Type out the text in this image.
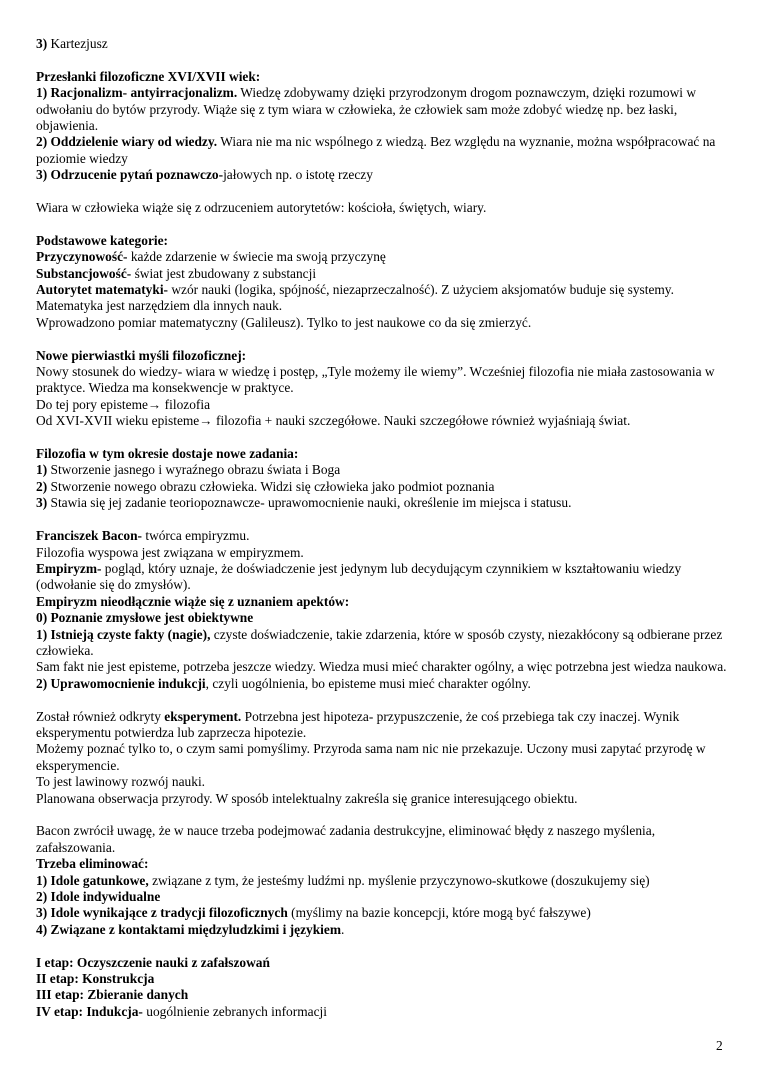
3) Kartezjusz

Przesłanki filozoficzne XVI/XVII wiek:

1) Racjonalizm- antyirracjonalizm. Wiedzę zdobywamy dzięki przyrodzonym drogom poznawczym, dzięki rozumowi w odwołaniu do bytów przyrody. Wiąże się z tym wiara w człowieka, że człowiek sam może zdobyć wiedzę np. bez łaski, objawienia.

2) Oddzielenie wiary od wiedzy. Wiara nie ma nic wspólnego z wiedzą. Bez względu na wyznanie, można współpracować na poziomie wiedzy

3) Odrzucenie pytań poznawczo-jałowych np. o istotę rzeczy

Wiara w człowieka wiąże się z odrzuceniem autorytetów: kościoła, świętych, wiary.

Podstawowe kategorie:

Przyczynowość- każde zdarzenie w świecie ma swoją przyczynę

Substancjowość- świat jest zbudowany z substancji

Autorytet matematyki- wzór nauki (logika, spójność, niezaprzeczalność). Z użyciem aksjomatów buduje się systemy.

Matematyka jest narzędziem dla innych nauk.

Wprowadzono pomiar matematyczny (Galileusz). Tylko to jest naukowe co da się zmierzyć.

Nowe pierwiastki myśli filozoficznej:

Nowy stosunek do wiedzy- wiara w wiedzę i postęp, „Tyle możemy ile wiemy”. Wcześniej filozofia nie miała zastosowania w praktyce. Wiedza ma konsekwencje w praktyce.

Do tej pory episteme→ filozofia

Od XVI-XVII wieku episteme→ filozofia + nauki szczegółowe. Nauki szczegółowe również wyjaśniają świat.

Filozofia w tym okresie dostaje nowe zadania:

1) Stworzenie jasnego i wyraźnego obrazu świata i Boga

2) Stworzenie nowego obrazu człowieka. Widzi się człowieka jako podmiot poznania

3) Stawia się jej zadanie teoriopoznawcze- uprawomocnienie nauki, określenie im miejsca i statusu.

Franciszek Bacon- twórca empiryzmu.

Filozofia wyspowa jest związana w empiryzmem.

Empiryzm- pogląd, który uznaje, że doświadczenie jest jedynym lub decydującym czynnikiem w kształtowaniu wiedzy (odwołanie się do zmysłów).

Empiryzm nieodłącznie wiąże się z uznaniem apektów:

0) Poznanie zmysłowe jest obiektywne

1) Istnieją czyste fakty (nagie), czyste doświadczenie, takie zdarzenia, które w sposób czysty, niezakłócony są odbierane przez człowieka.

Sam fakt nie jest episteme, potrzeba jeszcze wiedzy. Wiedza musi mieć charakter ogólny, a więc potrzebna jest wiedza naukowa.

2) Uprawomocnienie indukcji, czyli uogólnienia, bo episteme musi mieć charakter ogólny.

Został również odkryty eksperyment. Potrzebna jest hipoteza- przypuszczenie, że coś przebiega tak czy inaczej. Wynik eksperymentu potwierdza lub zaprzecza hipotezie.

Możemy poznać tylko to, o czym sami pomyślimy. Przyroda sama nam nic nie przekazuje. Uczony musi zapytać przyrodę w eksperymencie.

To jest lawinowy rozwój nauki.

Planowana obserwacja przyrody. W sposób intelektualny zakreśla się granice interesującego obiektu.

Bacon zwrócił uwagę, że w nauce trzeba podejmować zadania destrukcyjne, eliminować błędy z naszego myślenia, zafałszowania.

Trzeba eliminować:

1) Idole gatunkowe, związane z tym, że jesteśmy ludźmi np. myślenie przyczynowo-skutkowe (doszukujemy się)

2) Idole indywidualne

3) Idole wynikające z tradycji filozoficznych (myślimy na bazie koncepcji, które mogą być fałszywe)

4) Związane z kontaktami międzyludzkimi i językiem.

I etap: Oczyszczenie nauki z zafałszowań

II etap: Konstrukcja

III etap: Zbieranie danych

IV etap: Indukcja- uogólnienie zebranych informacji

2
